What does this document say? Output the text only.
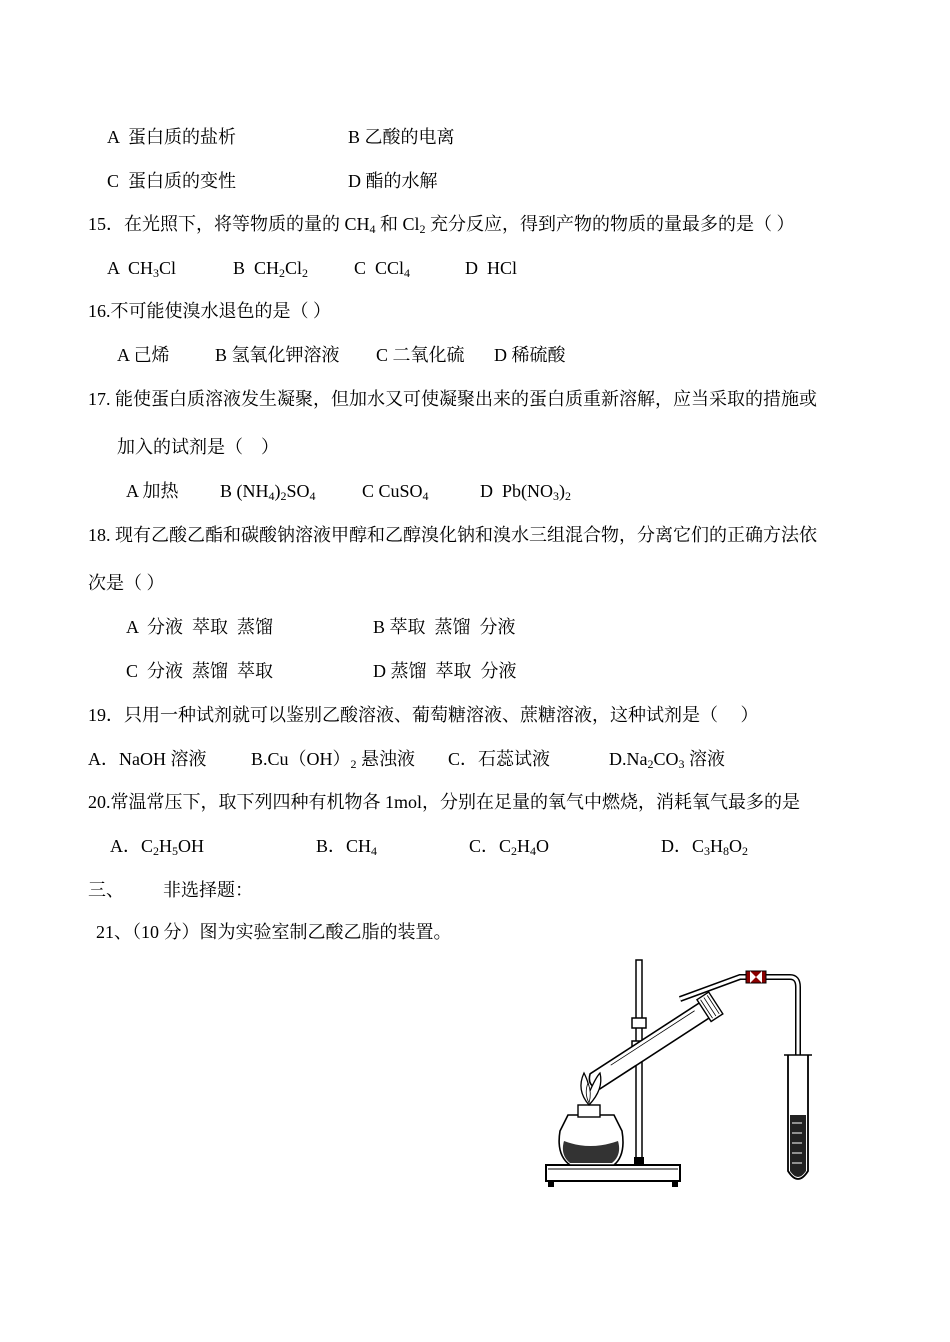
A  蛋白质的盐析	B 乙酸的电离
C  蛋白质的变性	D 酯的水解
15．在光照下，将等物质的量的 $CH_4$ 和 $Cl_2$ 充分反应，得到产物的物质的量最多的是（ ）
A  $CH_3Cl$	B  $CH_2Cl_2$	C  CCl$_4$	D  HCl
16.不可能使溴水退色的是（ ）
A 己烯	B 氢氧化钾溶液 C 二氧化硫 D 稀硫酸
17. 能使蛋白质溶液发生凝聚，但加水又可使凝聚出来的蛋白质重新溶解，应当采取的措施或
加入的试剂是（    ）
A 加热 B $(NH_4)_2SO_4$	C CuSO$_4$	D  $Pb(NO_3)_2$
18. 现有乙酸乙酯和碳酸钠溶液甲醇和乙醇溴化钠和溴水三组混合物，分离它们的正确方法依
次是（ ）
A  分液  萃取  蒸馏	B 萃取  蒸馏  分液
C  分液  蒸馏  萃取	D 蒸馏  萃取  分液
19．只用一种试剂就可以鉴别乙酸溶液、葡萄糖溶液、蔗糖溶液，这种试剂是（     ）
A．NaOH 溶液 $B.Cu(OH)_2$ 悬浊液 C．石蕊试液	$D.Na_2CO_3$ 溶液
20.常温常压下，取下列四种有机物各 1mol，分别在足量的氧气中燃烧，消耗氧气最多的是
A．$C_2H_5OH$	B．$CH_4$	C．$C_2H_4O$	D．$C_3H_8O_2$
三、 非选择题：
21、（10 分）图为实验室制乙酸乙脂的装置。
